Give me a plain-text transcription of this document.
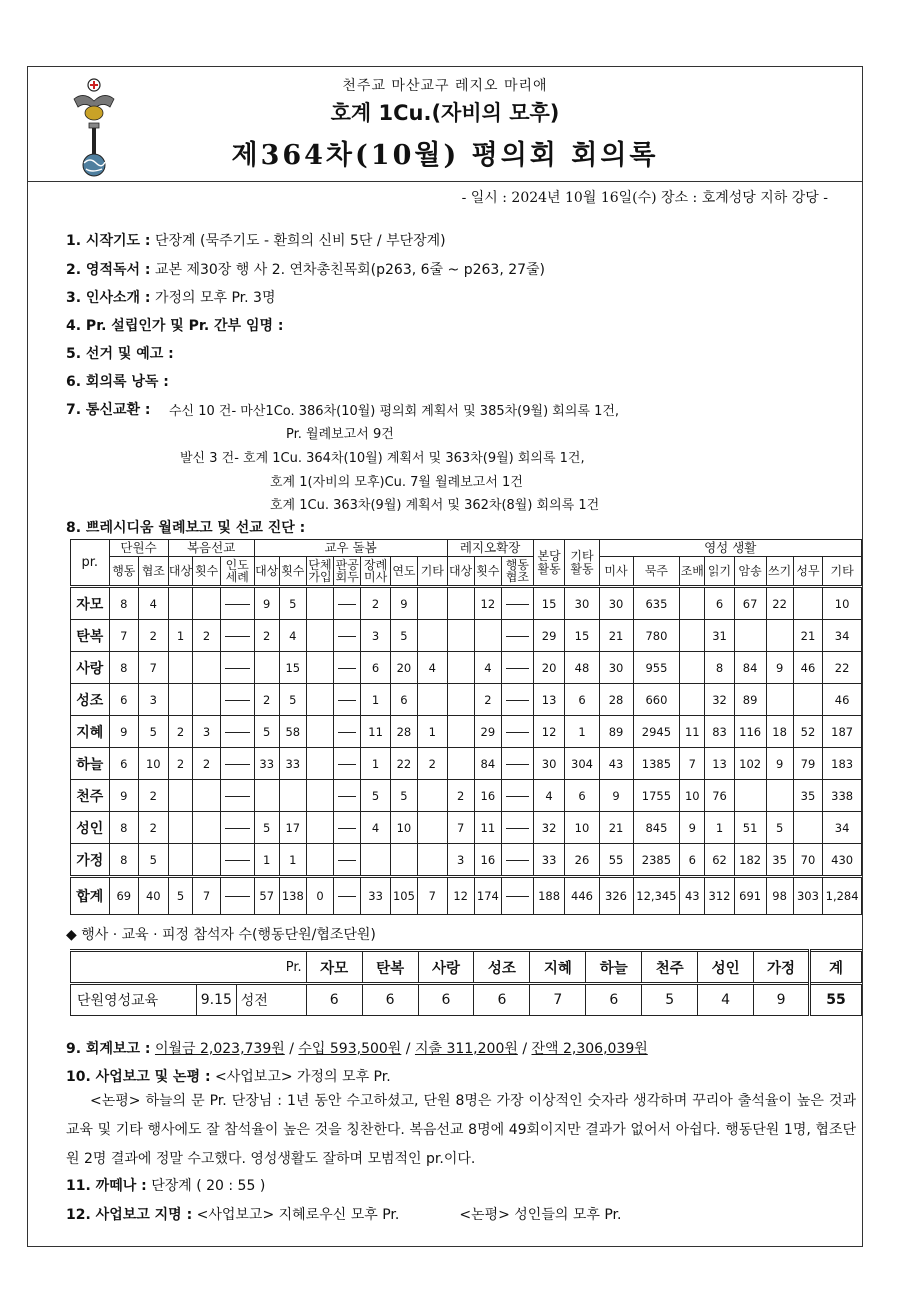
천주교 마산교구 레지오 마리애
호계 1Cu.(자비의 모후)
제364차(10월) 평의회 회의록
- 일시 : 2024년 10월 16일(수) 장소 : 호계성당 지하 강당 -
1. 시작기도 : 단장계 (묵주기도 - 환희의 신비 5단 / 부단장계)
2. 영적독서 : 교본 제30장 행 사 2. 연차총친목회(p263, 6줄 ~ p263, 27줄)
3. 인사소개 : 가정의 모후 Pr. 3명
4. Pr. 설립인가 및 Pr. 간부 임명 :
5. 선거 및 예고 :
6. 회의록 낭독 :
7. 통신교환 : 수신 10 건- 마산1Co. 386차(10월) 평의회 계획서 및 385차(9월) 회의록 1건,
Pr. 월례보고서 9건
발신 3 건- 호계 1Cu. 364차(10월) 계획서 및 363차(9월) 회의록 1건,
호계 1(자비의 모후)Cu. 7월 월례보고서 1건
호계 1Cu. 363차(9월) 계획서 및 362차(8월) 회의록 1건
8. 쁘레시디움 월례보고 및 선교 진단 :
pr.	단원수		복음선교			교우 돌봄							레지오확장			본당활동	기타활동	영성 생활							
	행동	협조	대상	횟수	인도세례	대상	횟수	단체가입	판공회두	장례미사	연도	기타	대상	횟수	행동협조			미사	묵주	조배	읽기	암송	쓰기	성무	기타
자모	8	4				9	5			2	9			12		15	30	30	635		6	67	22		10
탄복	7	2	1	2		2	4			3	5					29	15	21	780		31			21	34
사랑	8	7					15			6	20	4		4		20	48	30	955		8	84	9	46	22
성조	6	3				2	5			1	6			2		13	6	28	660		32	89			46
지혜	9	5	2	3		5	58			11	28	1		29		12	1	89	2945	11	83	116	18	52	187
하늘	6	10	2	2		33	33			1	22	2		84		30	304	43	1385	7	13	102	9	79	183
천주	9	2								5	5		2	16		4	6	9	1755	10	76			35	338
성인	8	2				5	17			4	10		7	11		32	10	21	845	9	1	51	5		34
가정	8	5				1	1						3	16		33	26	55	2385	6	62	182	35	70	430
합계	69	40	5	7		57	138	0		33	105	7	12	174		188	446	326	12,345	43	312	691	98	303	1,284
◆ 행사 · 교육 · 피정 참석자 수(행동단원/협조단원)
Pr.			자모	탄복	사랑	성조	지혜	하늘	천주	성인	가정	계
단원영성교육	9.15	성전	6	6	6	6	7	6	5	4	9	55
9. 회계보고 : 이월금 2,023,739원 / 수입 593,500원 / 지출 311,200원 / 잔액 2,306,039원
10. 사업보고 및 논평 : <사업보고> 가정의 모후 Pr.
<논평> 하늘의 문 Pr. 단장님 : 1년 동안 수고하셨고, 단원 8명은 가장 이상적인 숫자라 생각하며 꾸리아 출석율이 높은 것과 교육 및 기타 행사에도 잘 참석율이 높은 것을 칭찬한다. 복음선교 8명에 49회이지만 결과가 없어서 아쉽다. 행동단원 1명, 협조단원 2명 결과에 정말 수고했다. 영성생활도 잘하며 모범적인 pr.이다.
11. 까떼나 : 단장계 ( 20 : 55 )
12. 사업보고 지명 : <사업보고> 지혜로우신 모후 Pr.	<논평> 성인들의 모후 Pr.
